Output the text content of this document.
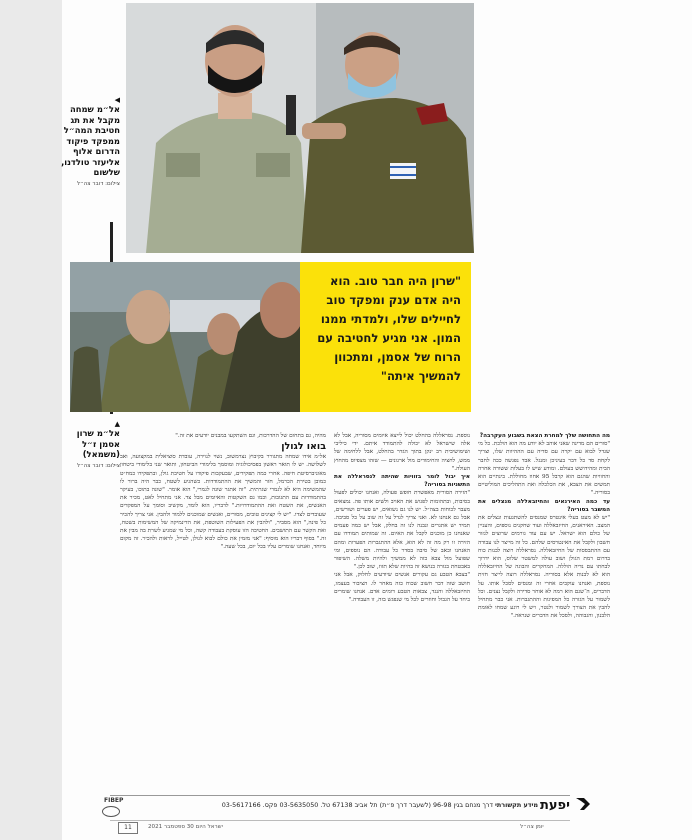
◀
אל״מ שמחה מקבל את תג חטיבת המה״ל ממפקד פיקוד הדרום אלוף אליעזר טולדנו, שלשום
צילום: דובר צה״ל
"שרון היה חבר טוב. הוא היה אדם ענק ומפקד טוב לחיילים שלו, ולמדתי ממנו המון. אני מגיע לחטיבה עם הרוח של אסמן, ומתכוון להמשיך איתה"
▲
אל״מ שרון אסמן ז״ל (משמאל)
צילום: דובר צה״ל

מה התחושה שלך למחרת הצאת בשבוע העקרבה?

"סורים הם מדינה שאני אוהב לא יודע מה הוא הולכת. כל מי שגדל לבוא עם יקרה עם סדיה עם הההיוות שלו, וצריך לקחת סד כל דבר בעיניכן ומנגל. אבד נפגשה ככה לחבר הבית ומהידושש בעולם. ומודע שיש לו בעלות ששורה אחרה והחוויות שהגם הוא קרבל 95 אחוז מחוללת. בינתיים הוא תמשים את הצבא, את הכלכלה ואת התהליכים המוליטיים בסוריה."

עד כמה האירנאים והחיזבאללה מנצלים את המשבר בסוריה?

"יש לא מעט בעלי אינטרס שמנסים להשתגעות ונצלים את המצב. האיראנים, החיזבאללה ועוד שחקנים נוספים, והעניין של כולם הוא ישראל. יש עם עוד גורמים שרוצים לגזור חשבון ולקבל את האינטרסים שלהם. כל זה מייצר לנו עבודה עם ההתבססות של החיזבאללה. נסראללה רוצה לבנות כוח בדרום רמת הגולן ושוב עולה למשטר שלוס, הוא ידרוך לבחתו עם נדיה הוללה. המחקרים והבוגה של החיזבאללה הוא לא לבנות אלא בסוריה. נסראללה רוצה לייצר חזית נוספת, ואנחנו עוקבים אחרי זה ומנסים לסכל אותו. על הדברים, ה־שגם הוא רמה לא אוחר סדירה ולקבל נצנים. וכל לשמור על הגזרה כל המפיגות וההתגברות. אני כבר מתחיל להבין את הצורך לשמור ולנטר, ויש לי רוגע שמחו לאומת הלבנון, והגבוהה, ולסכל את הדברים שנראה."

נוספת. נסראללה בהחלט יכול לייצא איומים מסוריה, אבל לא אלה שישראל לא יכולה להתמודד איתם. ידי כיליבי ושימושיבית רב ינקן בתוך הגדר בהחלט, אבל ללחימה של ממש, לחציה והחימודים מול ארגונים — שזהו מצפיוס מהחוץ העולה."

איך יבול לומר בזוויות שהיתה לנסראללה את התשניות בסוריה?

"הזירה הסורית מאפשרת חופש פעולה, ואנחנו יכולים לפעול בסיבות, ובתהומות לפגוש את האויב ולשים אותו פה. נמצאים מעבר לכוחות בצה״ל. יש לנו גם נשואים, יש פערים ושורשים, אבל גם אנחנו לא. ואני צריך לגדל על זה שוב על כל סביבה. תמיד יש אתגרים ונבנה לנו זה בחלק, אבל יש כמה פעמים שאנחנו כן מוכנים לקבל את האיום. זה שמותים תמודדו עם הזירה זו רק מה זה לא הוא, אלא ההתגברות הפערות ומהם האנחנו וכאב של סיבה בסדר כל עבודה. הם נוספים, ומי שפועל מול צבא כזה לא ממשיך ולהיות משלה. השיפור באבטחת בגזרה בנושא זה בהיות שלא תזוז, שוב לכן."

"בצבא הטבע גם עקורים אנשים שיודעים לחלוק, אבל אני חושב שזה דבר חשוב שכוח כזה מאחר לו. הציבור בעצמו, החיזבאללה והנגד, צבאות הטבע דומים אדם. אנחנו שומרים ביחד על הגבול וחוזרים לכל מי שנפגש בזה, זו העבודה."

מהיה, גם בתחום של ההדרכות, וגם השתקעו במבנים יודעים את זה."

בואו לגולן

אל״מ אידו שמחה מתגורר בקיבוץ נצרמשוב, נשוי לנוירה, עובדת סוציאלית במקצועה, ואב לשלושה. יש לו תואר ראשון בפסיכולוגיה ומוסמך בלימודי הביטחון, ותואר שני בלימודי ביטחון מאוניברסיטת חיפה. אחרי כמה תפקידים, שבעקבות פיקודו על חטיבת גולן, ובתפקידו כמח״ט כמובן בטירת הכרמל, חזר והמשיך את ההתמודדות. כשהגיע לשטח, כבר היה ברור לו שהמשימה היא לא לגמרי שגרתית. "זה אתגר שונה לגמרי," הוא אומר. "שונה בתוכו, בעיקר בהתמודדות עם התגובות, וכמו גם השקטות והאיומים מכל צד. אני מתחיל לאט, מכיר את האנשים, את השטח ואת ההתמודדויות." לדבריו, הוא לומד, מקשיב וסומך על המפקדים שעובדים לצדו. "יש לי קצינים טובים, מסורים, ואנשים שמוכנים ללמוד ולהבין. אני צריך להכיר כל פינה," הוא מסביר, "ולהבין את הפעילות השוטפת, את הדינמיקה של המשימות בשטח, ואת הקשר עם התושבים. החטיבה הזו עוסקת בעבודה קשה, וכל מי שמגיע לשרת בה מבין את זה." בסוף דבריו הוא מוסיף: "אני מזמין את כולם לבוא לגולן, לטייל, לראות ולהכיר. זה מקום מיוחד, ואנחנו שומרים עליו בכל יום, בכל שעה."

FIBEP	יפעת
מידע תקשורתי דרך מנחם בגין 96-98 (לשעבר דרך פ״ת) תל אביב 67138 טל. 03-5635050 פקס. 03-5617166
11	ישראל היום 30 ספטמבר 2021	יומן צה״ל
